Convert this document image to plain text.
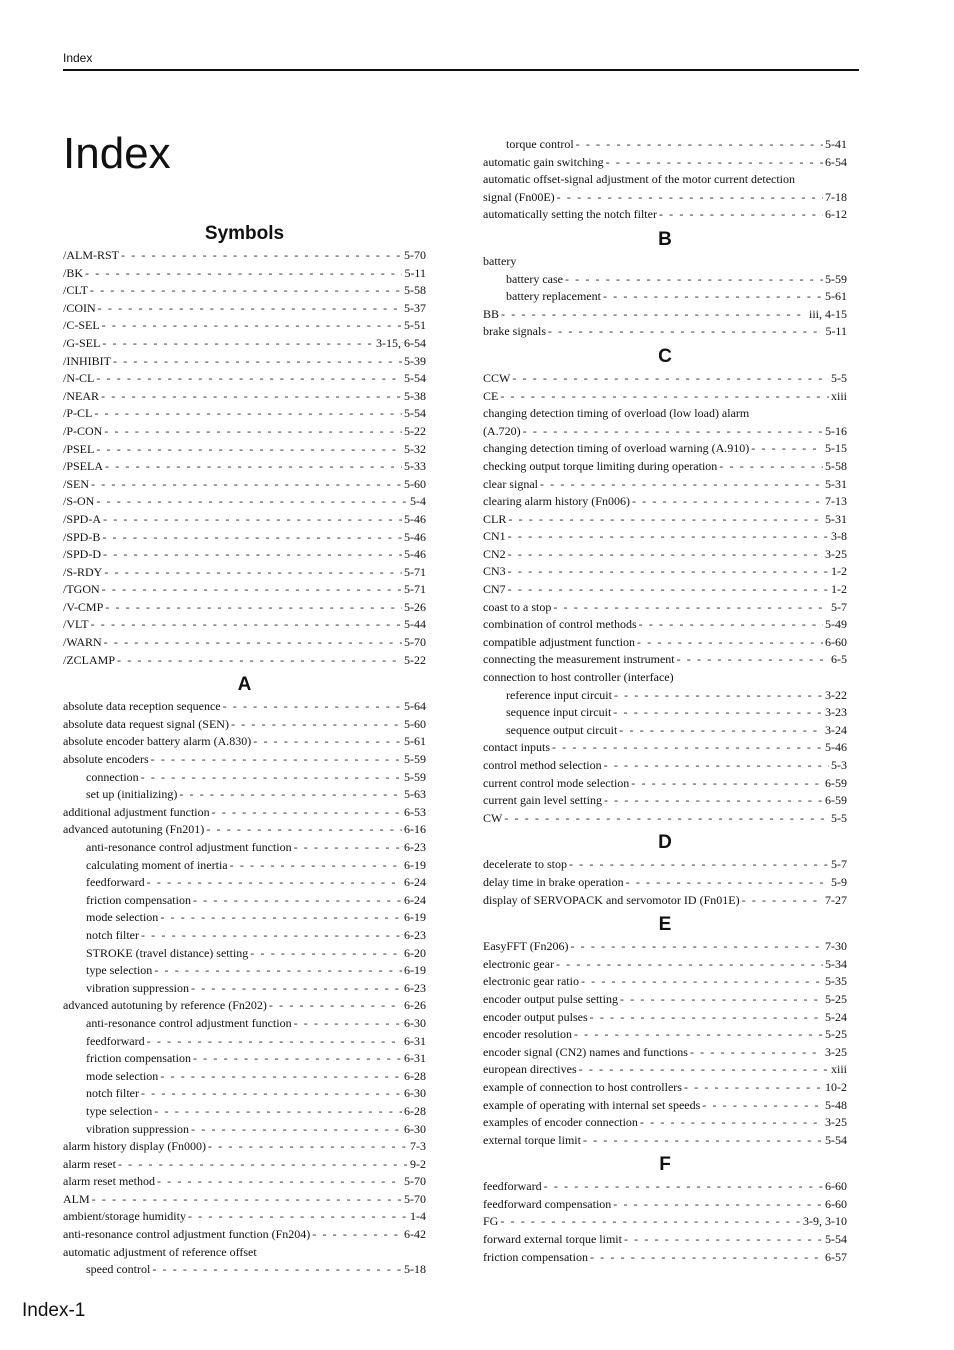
Index
Index
Symbols
/ALM-RST - - -	5-70
/BK - - -	5-11
/CLT - - -	5-58
/COIN - - -	5-37
/C-SEL - - -	5-51
/G-SEL - - -	3-15, 6-54
/INHIBIT - - -	5-39
/N-CL - - -	5-54
/NEAR - - -	5-38
/P-CL - - -	5-54
/P-CON - - -	5-22
/PSEL - - -	5-32
/PSELA - - -	5-33
/SEN - - -	5-60
/S-ON - - -	5-4
/SPD-A - - -	5-46
/SPD-B - - -	5-46
/SPD-D - - -	5-46
/S-RDY - - -	5-71
/TGON - - -	5-71
/V-CMP - - -	5-26
/VLT - - -	5-44
/WARN - - -	5-70
/ZCLAMP - - -	5-22
A
absolute data reception sequence - - -	5-64
absolute data request signal (SEN) - - -	5-60
absolute encoder battery alarm (A.830) - - -	5-61
absolute encoders - - -	5-59
connection - - -	5-59
set up (initializing) - - -	5-63
additional adjustment function - - -	6-53
advanced autotuning (Fn201) - - -	6-16
anti-resonance control adjustment function - - -	6-23
calculating moment of inertia - - -	6-19
feedforward - - -	6-24
friction compensation - - -	6-24
mode selection - - -	6-19
notch filter - - -	6-23
STROKE (travel distance) setting - - -	6-20
type selection - - -	6-19
vibration suppression - - -	6-23
advanced autotuning by reference (Fn202) - - -	6-26
anti-resonance control adjustment function - - -	6-30
feedforward - - -	6-31
friction compensation - - -	6-31
mode selection - - -	6-28
notch filter - - -	6-30
type selection - - -	6-28
vibration suppression - - -	6-30
alarm history display (Fn000) - - -	7-3
alarm reset - - -	9-2
alarm reset method - - -	5-70
ALM - - -	5-70
ambient/storage humidity - - -	1-4
anti-resonance control adjustment function (Fn204) - - -	6-42
automatic adjustment of reference offset
speed control - - -	5-18
torque control - - -	5-41
automatic gain switching - - -	6-54
automatic offset-signal adjustment of the motor current detection
signal (Fn00E) - - -	7-18
automatically setting the notch filter - - -	6-12
B
battery
battery case - - -	5-59
battery replacement - - -	5-61
BB - - -	iii, 4-15
brake signals - - -	5-11
C
CCW - - -	5-5
CE - - -	xiii
changing detection timing of overload (low load) alarm
(A.720) - - -	5-16
changing detection timing of overload warning (A.910) - - -	5-15
checking output torque limiting during operation - - -	5-58
clear signal - - -	5-31
clearing alarm history (Fn006) - - -	7-13
CLR - - -	5-31
CN1 - - -	3-8
CN2 - - -	3-25
CN3 - - -	1-2
CN7 - - -	1-2
coast to a stop - - -	5-7
combination of control methods - - -	5-49
compatible adjustment function - - -	6-60
connecting the measurement instrument - - -	6-5
connection to host controller (interface)
reference input circuit - - -	3-22
sequence input circuit - - -	3-23
sequence output circuit - - -	3-24
contact inputs - - -	5-46
control method selection - - -	5-3
current control mode selection - - -	6-59
current gain level setting - - -	6-59
CW - - -	5-5
D
decelerate to stop - - -	5-7
delay time in brake operation - - -	5-9
display of SERVOPACK and servomotor ID (Fn01E) - - -	7-27
E
EasyFFT (Fn206) - - -	7-30
electronic gear - - -	5-34
electronic gear ratio - - -	5-35
encoder output pulse setting - - -	5-25
encoder output pulses - - -	5-24
encoder resolution - - -	5-25
encoder signal (CN2) names and functions - - -	3-25
european directives - - -	xiii
example of connection to host controllers - - -	10-2
example of operating with internal set speeds - - -	5-48
examples of encoder connection - - -	3-25
external torque limit - - -	5-54
F
feedforward - - -	6-60
feedforward compensation - - -	6-60
FG - - -	3-9, 3-10
forward external torque limit - - -	5-54
friction compensation - - -	6-57
Index-1
